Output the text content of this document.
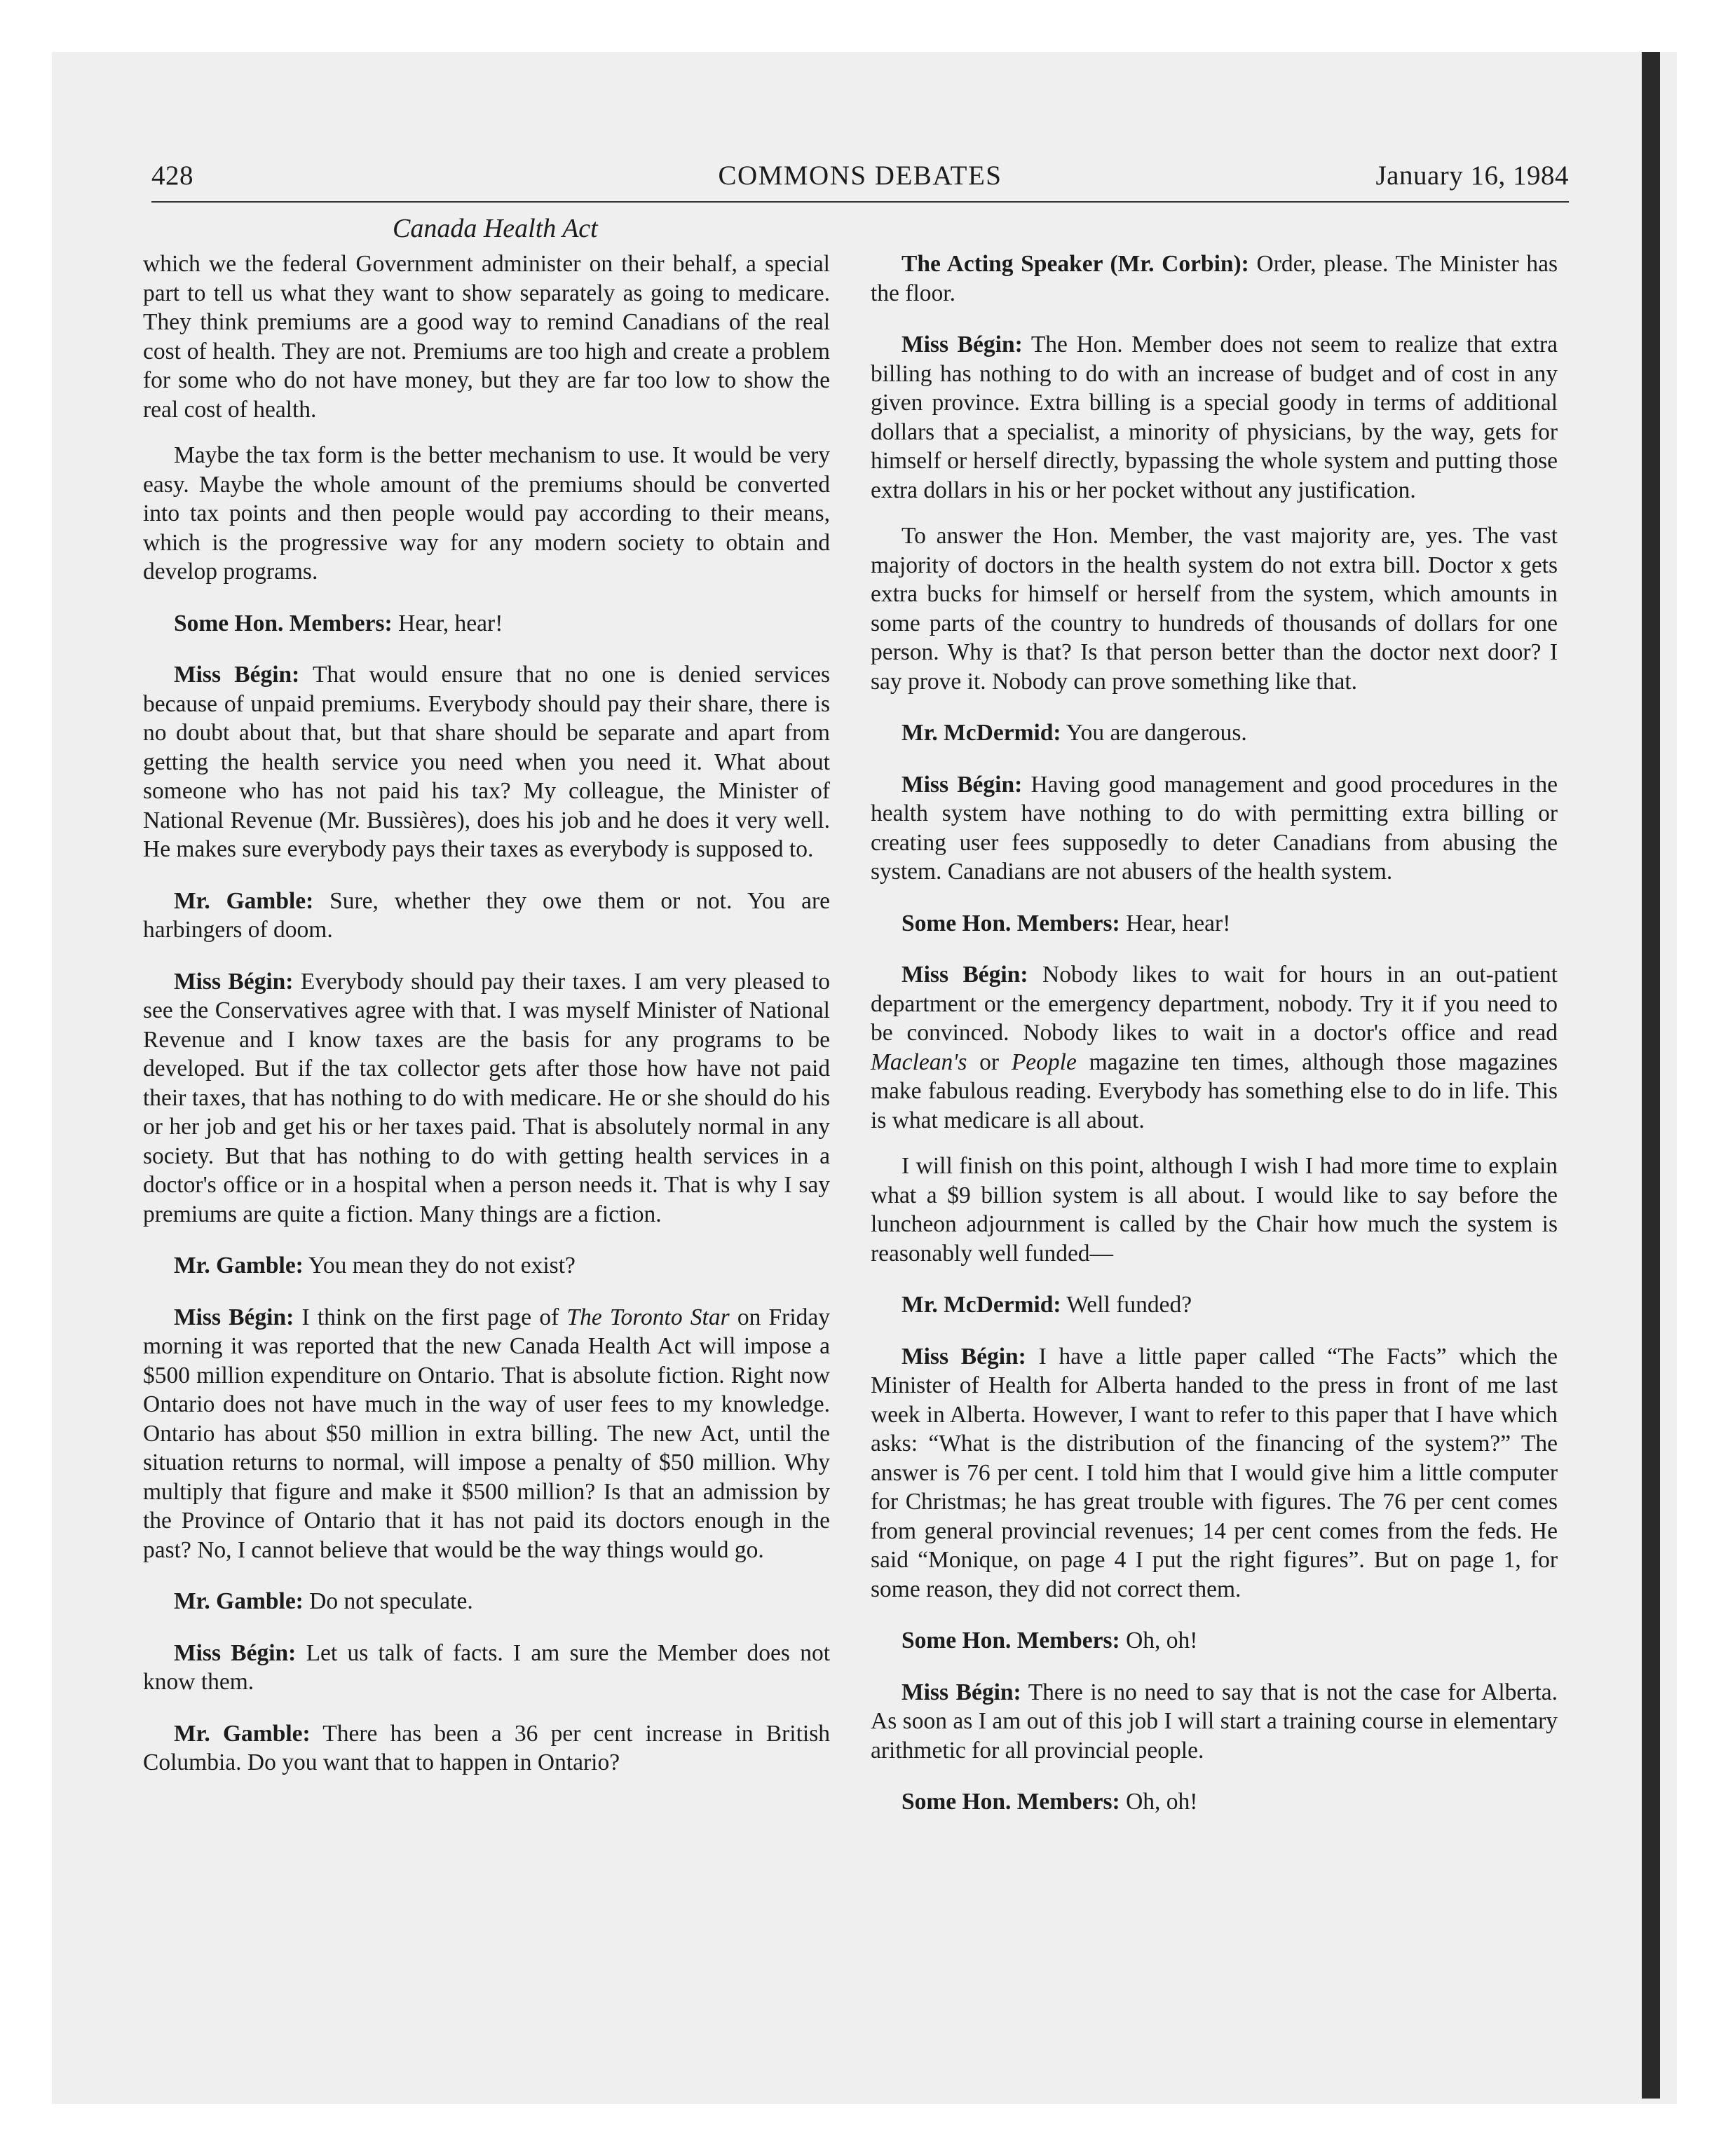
428	COMMONS DEBATES	January 16, 1984
Canada Health Act

which we the federal Government administer on their behalf, a special part to tell us what they want to show separately as going to medicare. They think premiums are a good way to remind Canadians of the real cost of health. They are not. Premiums are too high and create a problem for some who do not have money, but they are far too low to show the real cost of health.

Maybe the tax form is the better mechanism to use. It would be very easy. Maybe the whole amount of the premiums should be converted into tax points and then people would pay according to their means, which is the progressive way for any modern society to obtain and develop programs.

Some Hon. Members: Hear, hear!

Miss Bégin: That would ensure that no one is denied services because of unpaid premiums. Everybody should pay their share, there is no doubt about that, but that share should be separate and apart from getting the health service you need when you need it. What about someone who has not paid his tax? My colleague, the Minister of National Revenue (Mr. Bussières), does his job and he does it very well. He makes sure everybody pays their taxes as everybody is supposed to.

Mr. Gamble: Sure, whether they owe them or not. You are harbingers of doom.

Miss Bégin: Everybody should pay their taxes. I am very pleased to see the Conservatives agree with that. I was myself Minister of National Revenue and I know taxes are the basis for any programs to be developed. But if the tax collector gets after those how have not paid their taxes, that has nothing to do with medicare. He or she should do his or her job and get his or her taxes paid. That is absolutely normal in any society. But that has nothing to do with getting health services in a doctor's office or in a hospital when a person needs it. That is why I say premiums are quite a fiction. Many things are a fiction.

Mr. Gamble: You mean they do not exist?

Miss Bégin: I think on the first page of The Toronto Star on Friday morning it was reported that the new Canada Health Act will impose a $500 million expenditure on Ontario. That is absolute fiction. Right now Ontario does not have much in the way of user fees to my knowledge. Ontario has about $50 million in extra billing. The new Act, until the situation returns to normal, will impose a penalty of $50 million. Why multiply that figure and make it $500 million? Is that an admission by the Province of Ontario that it has not paid its doctors enough in the past? No, I cannot believe that would be the way things would go.

Mr. Gamble: Do not speculate.

Miss Bégin: Let us talk of facts. I am sure the Member does not know them.

Mr. Gamble: There has been a 36 per cent increase in British Columbia. Do you want that to happen in Ontario?

The Acting Speaker (Mr. Corbin): Order, please. The Minister has the floor.

Miss Bégin: The Hon. Member does not seem to realize that extra billing has nothing to do with an increase of budget and of cost in any given province. Extra billing is a special goody in terms of additional dollars that a specialist, a minority of physicians, by the way, gets for himself or herself directly, bypassing the whole system and putting those extra dollars in his or her pocket without any justification.

To answer the Hon. Member, the vast majority are, yes. The vast majority of doctors in the health system do not extra bill. Doctor x gets extra bucks for himself or herself from the system, which amounts in some parts of the country to hundreds of thousands of dollars for one person. Why is that? Is that person better than the doctor next door? I say prove it. Nobody can prove something like that.

Mr. McDermid: You are dangerous.

Miss Bégin: Having good management and good procedures in the health system have nothing to do with permitting extra billing or creating user fees supposedly to deter Canadians from abusing the system. Canadians are not abusers of the health system.

Some Hon. Members: Hear, hear!

Miss Bégin: Nobody likes to wait for hours in an out-patient department or the emergency department, nobody. Try it if you need to be convinced. Nobody likes to wait in a doctor's office and read Maclean's or People magazine ten times, although those magazines make fabulous reading. Everybody has something else to do in life. This is what medicare is all about.

I will finish on this point, although I wish I had more time to explain what a $9 billion system is all about. I would like to say before the luncheon adjournment is called by the Chair how much the system is reasonably well funded—

Mr. McDermid: Well funded?

Miss Bégin: I have a little paper called “The Facts” which the Minister of Health for Alberta handed to the press in front of me last week in Alberta. However, I want to refer to this paper that I have which asks: “What is the distribution of the financing of the system?” The answer is 76 per cent. I told him that I would give him a little computer for Christmas; he has great trouble with figures. The 76 per cent comes from general provincial revenues; 14 per cent comes from the feds. He said “Monique, on page 4 I put the right figures”. But on page 1, for some reason, they did not correct them.

Some Hon. Members: Oh, oh!

Miss Bégin: There is no need to say that is not the case for Alberta. As soon as I am out of this job I will start a training course in elementary arithmetic for all provincial people.

Some Hon. Members: Oh, oh!
